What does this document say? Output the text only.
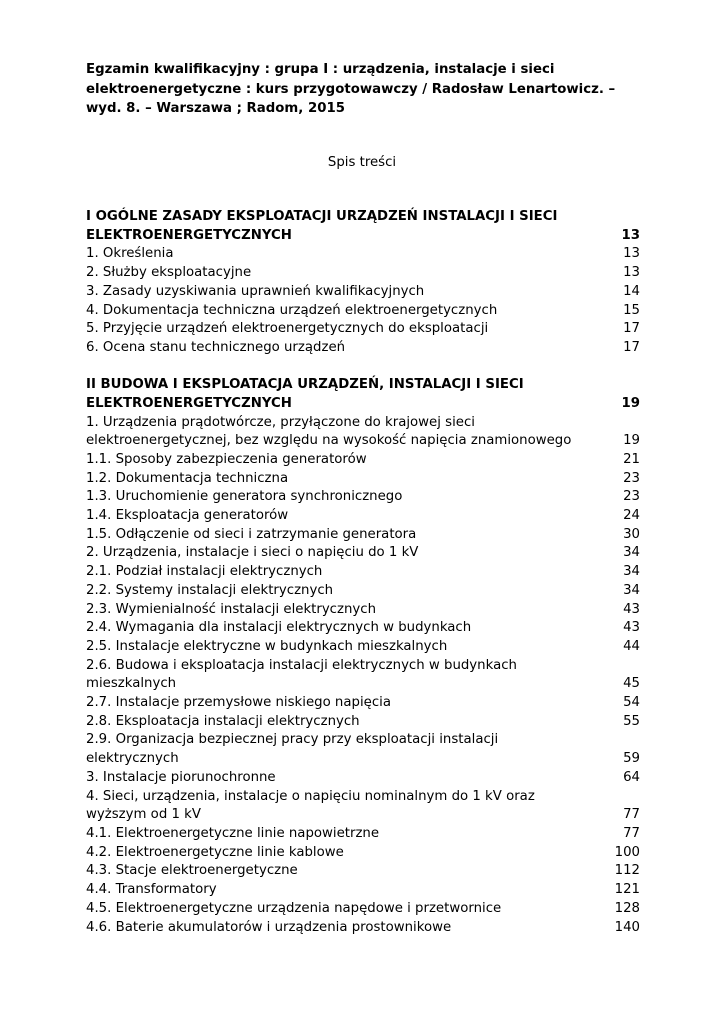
Egzamin kwalifikacyjny : grupa I : urządzenia, instalacje i sieci elektroenergetyczne : kurs przygotowawczy / Radosław Lenartowicz. – wyd. 8. – Warszawa ; Radom, 2015
Spis treści
I OGÓLNE ZASADY EKSPLOATACJI URZĄDZEŃ INSTALACJI I SIECI ELEKTROENERGETYCZNYCH	13
1. Określenia	13
2. Służby eksploatacyjne	13
3. Zasady uzyskiwania uprawnień kwalifikacyjnych	14
4. Dokumentacja techniczna urządzeń elektroenergetycznych	15
5. Przyjęcie urządzeń elektroenergetycznych do eksploatacji	17
6. Ocena stanu technicznego urządzeń	17
II BUDOWA I EKSPLOATACJA URZĄDZEŃ, INSTALACJI I SIECI ELEKTROENERGETYCZNYCH	19
1. Urządzenia prądotwórcze, przyłączone do krajowej sieci elektroenergetycznej, bez względu na wysokość napięcia znamionowego	19
1.1. Sposoby zabezpieczenia generatorów	21
1.2. Dokumentacja techniczna	23
1.3. Uruchomienie generatora synchronicznego	23
1.4. Eksploatacja generatorów	24
1.5. Odłączenie od sieci i zatrzymanie generatora	30
2. Urządzenia, instalacje i sieci o napięciu do 1 kV	34
2.1. Podział instalacji elektrycznych	34
2.2. Systemy instalacji elektrycznych	34
2.3. Wymienialność instalacji elektrycznych	43
2.4. Wymagania dla instalacji elektrycznych w budynkach	43
2.5. Instalacje elektryczne w budynkach mieszkalnych	44
2.6. Budowa i eksploatacja instalacji elektrycznych w budynkach mieszkalnych	45
2.7. Instalacje przemysłowe niskiego napięcia	54
2.8. Eksploatacja instalacji elektrycznych	55
2.9. Organizacja bezpiecznej pracy przy eksploatacji instalacji elektrycznych	59
3. Instalacje piorunochronne	64
4. Sieci, urządzenia, instalacje o napięciu nominalnym do 1 kV oraz wyższym od 1 kV	77
4.1. Elektroenergetyczne linie napowietrzne	77
4.2. Elektroenergetyczne linie kablowe	100
4.3. Stacje elektroenergetyczne	112
4.4. Transformatory	121
4.5. Elektroenergetyczne urządzenia napędowe i przetwornice	128
4.6. Baterie akumulatorów i urządzenia prostownikowe	140
